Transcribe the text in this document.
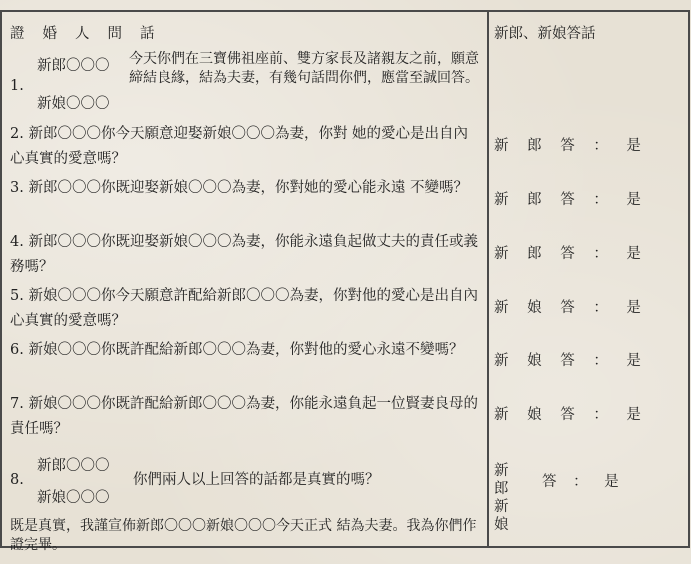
證婚人問話
1.
新郎〇〇〇
新娘〇〇〇
今天你們在三寶佛祖座前、雙方家長及諸親友之前，願意締結良緣，結為夫妻，有幾句話問你們，應當至誠回答。
2. 新郎〇〇〇你今天願意迎娶新娘〇〇〇為妻，你對 她的愛心是出自內心真實的愛意嗎？
3. 新郎〇〇〇你既迎娶新娘〇〇〇為妻，你對她的愛心能永遠 不變嗎？
4. 新郎〇〇〇你既迎娶新娘〇〇〇為妻，你能永遠負起做丈夫的責任或義務嗎？
5. 新娘〇〇〇你今天願意許配給新郎〇〇〇為妻，你對他的愛心是出自內心真實的愛意嗎？
6. 新娘〇〇〇你既許配給新郎〇〇〇為妻，你對他的愛心永遠不變嗎？
7. 新娘〇〇〇你既許配給新郎〇〇〇為妻，你能永遠負起一位賢妻良母的責任嗎？
8.
新郎〇〇〇
新娘〇〇〇
你們兩人以上回答的話都是真實的嗎？
既是真實，我謹宣佈新郎〇〇〇新娘〇〇〇今天正式 結為夫妻。我為你們作證完畢。
新郎、新娘答話
新 郎 答 ： 是
新 郎 答 ： 是
新 郎 答 ： 是
新 娘 答 ： 是
新 娘 答 ： 是
新 娘 答 ： 是
新 郎
新 娘
答 ： 是
